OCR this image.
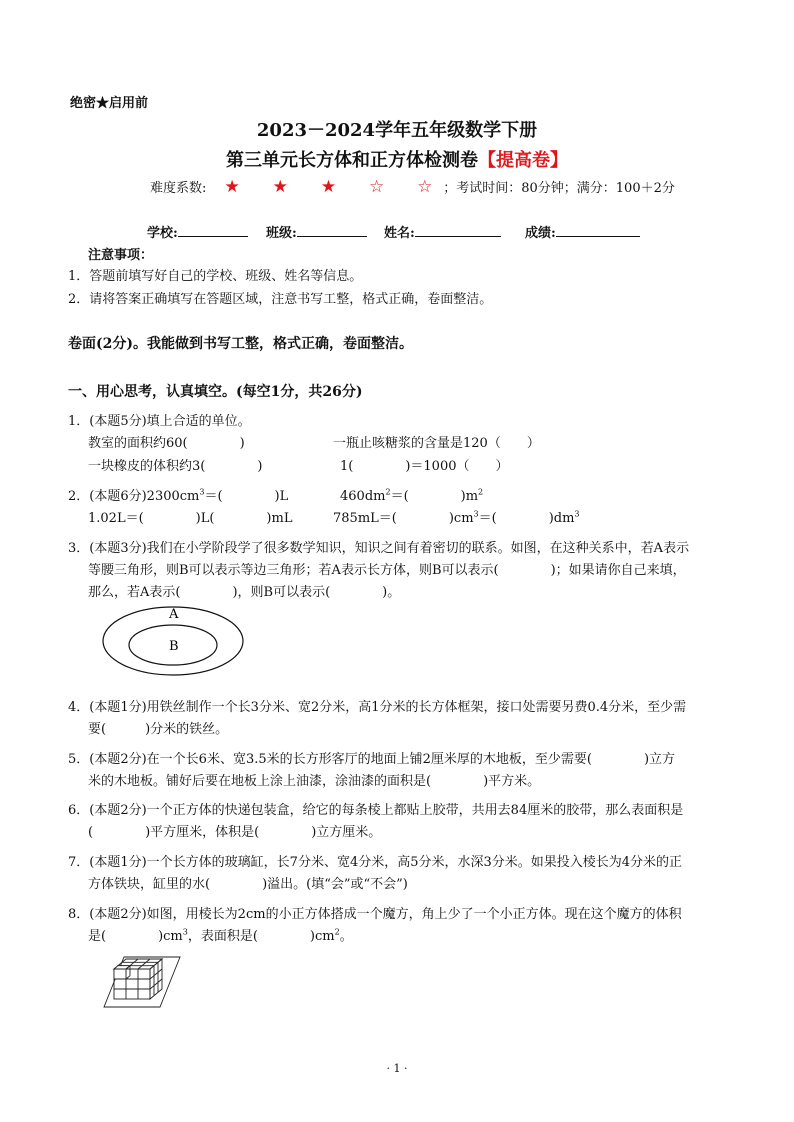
绝密★启用前
2023－2024学年五年级数学下册
第三单元长方体和正方体检测卷【提高卷】
难度系数: ★ ★ ★ ☆ ☆ ；考试时间：80分钟；满分：100＋2分
学校:	班级:	姓名:	成绩:
注意事项：
1．答题前填写好自己的学校、班级、姓名等信息。
2．请将答案正确填写在答题区域，注意书写工整，格式正确，卷面整洁。
卷面(2分)。我能做到书写工整，格式正确，卷面整洁。
一、用心思考，认真填空。(每空1分，共26分)
1．(本题5分)填上合适的单位。
教室的面积约60(　　　　)	一瓶止咳糖浆的含量是120（　　）
一块橡皮的体积约3(　　　　)	1(　　　　)＝1000（　　）
2．(本题6分)$2300cm^3=$(　　　　)L	$460dm^2=$(　　　　)$m^2$
1.02L＝(　　　　)L(　　　　)mL	785mL＝(　　　　)$cm^3=$(　　　　)$dm^3$
3．(本题3分)我们在小学阶段学了很多数学知识，知识之间有着密切的联系。如图，在这种关系中，若A表示
等腰三角形，则B可以表示等边三角形；若A表示长方体，则B可以表示(　　　　)；如果请你自己来填，
那么，若A表示(　　　　)，则B可以表示(　　　　)。
A
B
4．(本题1分)用铁丝制作一个长3分米、宽2分米，高1分米的长方体框架，接口处需要另费0.4分米，至少需
要(　　　)分米的铁丝。
5．(本题2分)在一个长6米、宽3.5米的长方形客厅的地面上铺2厘米厚的木地板，至少需要(　　　　)立方
米的木地板。铺好后要在地板上涂上油漆，涂油漆的面积是(　　　　)平方米。
6．(本题2分)一个正方体的快递包装盒，给它的每条棱上都贴上胶带，共用去84厘米的胶带，那么表面积是
(　　　　)平方厘米，体积是(　　　　)立方厘米。
7．(本题1分)一个长方体的玻璃缸，长7分米、宽4分米，高5分米，水深3分米。如果投入棱长为4分米的正
方体铁块，缸里的水(　　　　)溢出。(填“会”或“不会”)
8．(本题2分)如图，用棱长为2cm的小正方体搭成一个魔方，角上少了一个小正方体。现在这个魔方的体积
是(　　　　)$cm^3$，表面积是(　　　　)$cm^2$。
· 1 ·
